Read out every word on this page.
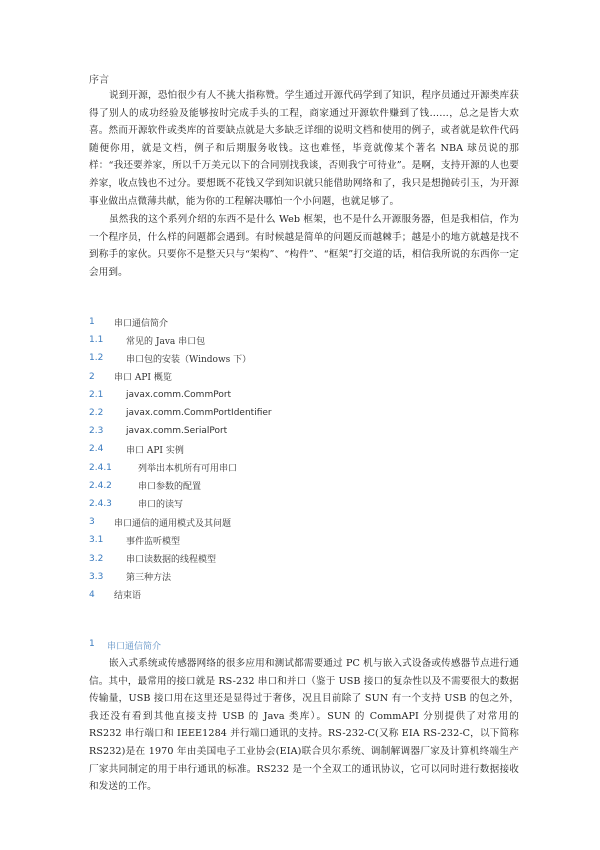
序言
说到开源，恐怕很少有人不挑大指称赞。学生通过开源代码学到了知识，程序员通过开源类库获得了别人的成功经验及能够按时完成手头的工程，商家通过开源软件赚到了钱……，总之是皆大欢喜。然而开源软件或类库的首要缺点就是大多缺乏详细的说明文档和使用的例子，或者就是软件代码随便你用，就是文档，例子和后期服务收钱。这也难怪，毕竟就像某个著名 NBA 球员说的那样：“我还要养家，所以千万美元以下的合同别找我谈，否则我宁可待业”。是啊，支持开源的人也要养家，收点钱也不过分。要想既不花钱又学到知识就只能借助网络和了，我只是想抛砖引玉，为开源事业做出点微薄共献，能为你的工程解决哪怕一个小问题，也就足够了。
虽然我的这个系列介绍的东西不是什么 Web 框架，也不是什么开源服务器，但是我相信，作为一个程序员，什么样的问题都会遇到。有时候越是简单的问题反而越棘手；越是小的地方就越是找不到称手的家伙。只要你不是整天只与“架构”、“构件”、“框架”打交道的话，相信我所说的东西你一定会用到。
1	串口通信简介
1.1	常见的 Java 串口包
1.2	串口包的安装（Windows 下）
2	串口 API 概览
2.1	javax.comm.CommPort
2.2	javax.comm.CommPortIdentifier
2.3	javax.comm.SerialPort
2.4	串口 API 实例
2.4.1	列举出本机所有可用串口
2.4.2	串口参数的配置
2.4.3	串口的读写
3	串口通信的通用模式及其问题
3.1	事件监听模型
3.2	串口读数据的线程模型
3.3	第三种方法
4	结束语
1	串口通信简介
嵌入式系统或传感器网络的很多应用和测试都需要通过 PC 机与嵌入式设备或传感器节点进行通信。其中，最常用的接口就是 RS-232 串口和并口（鉴于 USB 接口的复杂性以及不需要很大的数据传输量，USB 接口用在这里还是显得过于奢侈，况且目前除了 SUN 有一个支持 USB 的包之外，我还没有看到其他直接支持 USB 的 Java 类库）。SUN 的 CommAPI 分别提供了对常用的 RS232 串行端口和 IEEE1284 并行端口通讯的支持。RS-232-C(又称 EIA RS-232-C，以下简称 RS232)是在 1970 年由美国电子工业协会(EIA)联合贝尔系统、调制解调器厂家及计算机终端生产厂家共同制定的用于串行通讯的标准。RS232 是一个全双工的通讯协议，它可以同时进行数据接收和发送的工作。
